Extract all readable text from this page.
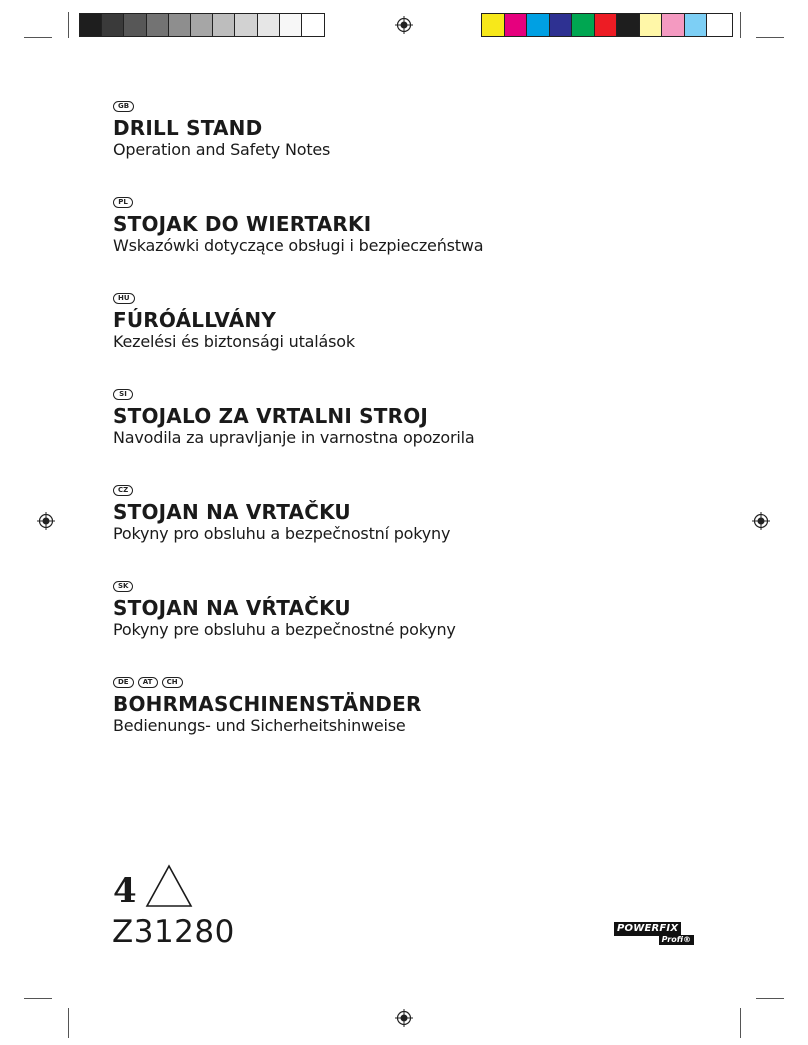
GB
DRILL STAND
Operation and Safety Notes
PL
STOJAK DO WIERTARKI
Wskazówki dotyczące obsługi i bezpieczeństwa
HU
FÚRÓÁLLVÁNY
Kezelési és biztonsági utalások
SI
STOJALO ZA VRTALNI STROJ
Navodila za upravljanje in varnostna opozorila
CZ
STOJAN NA VRTAČKU
Pokyny pro obsluhu a bezpečnostní pokyny
SK
STOJAN NA VŔTAČKU
Pokyny pre obsluhu a bezpečnostné pokyny
DE	AT	CH
BOHRMASCHINENSTÄNDER
Bedienungs- und Sicherheitshinweise
4
Z31280	POWERFIX
Profi®
